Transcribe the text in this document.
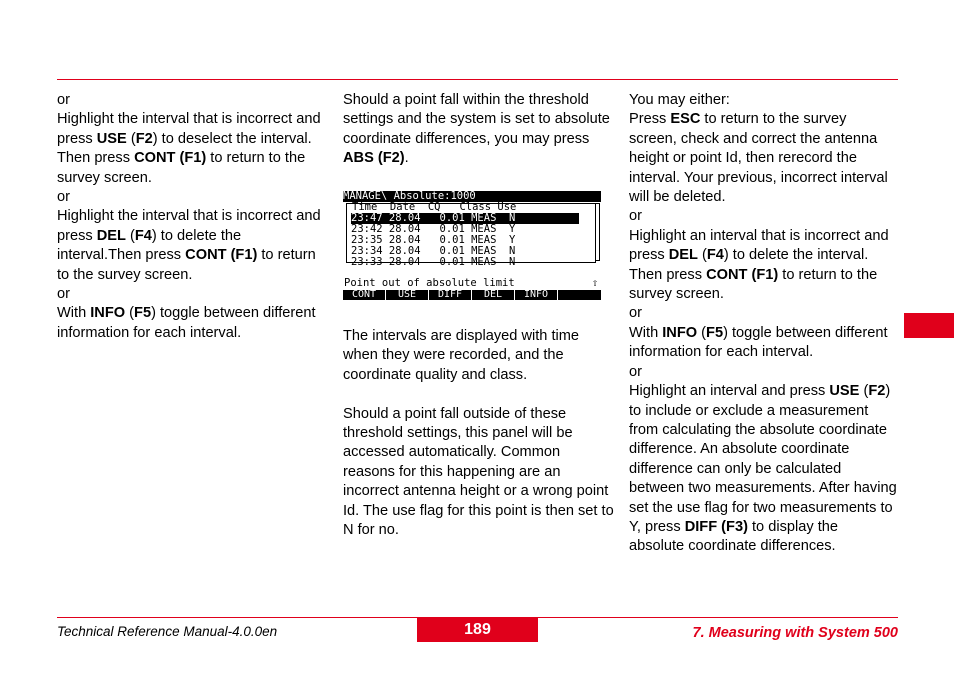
or

Highlight the interval that is incorrect and press USE (F2) to deselect the interval. Then press CONT (F1) to return to the survey screen.

or

Highlight the interval that is incorrect and press DEL (F4) to delete the interval.Then press CONT (F1) to return to the survey screen.

or

With INFO (F5) toggle between different information for each interval.

Should a point fall within the threshold settings and the system is set to absolute coordinate differences, you may press ABS (F2).

MANAGE\ Absolute:1000
Time  Date  CQ   Class Use
23:47 28.04   0.01 MEAS  N
23:42 28.04   0.01 MEAS  Y
23:35 28.04   0.01 MEAS  Y
23:34 28.04   0.01 MEAS  N
23:33 28.04   0.01 MEAS  N
Point out of absolute limit	⇧
CONT	USE	DIFF	DEL	INFO

The intervals are displayed with time when they were recorded, and the coordinate quality and class.

Should a point fall outside of these threshold settings, this panel will be accessed automatically. Common reasons for this happening are an incorrect antenna height or a wrong point Id. The use flag for this point is then set to N for no.

You may either:

Press ESC to return to the survey screen, check and correct the antenna height or point Id, then rerecord the interval. Your previous, incorrect interval will be deleted.

or

Highlight an interval that is incorrect and press DEL (F4) to delete the interval. Then press CONT (F1) to return to the survey screen.

or

With INFO (F5) toggle between different information for each interval.

or

Highlight an interval and press USE (F2) to include or exclude a measurement from calculating the absolute coordinate difference. An absolute coordinate difference can only be calculated between two measurements. After having set the use flag for two measurements to Y, press DIFF (F3) to display the absolute coordinate differences.

Technical Reference Manual-4.0.0en	189	7. Measuring with System 500
